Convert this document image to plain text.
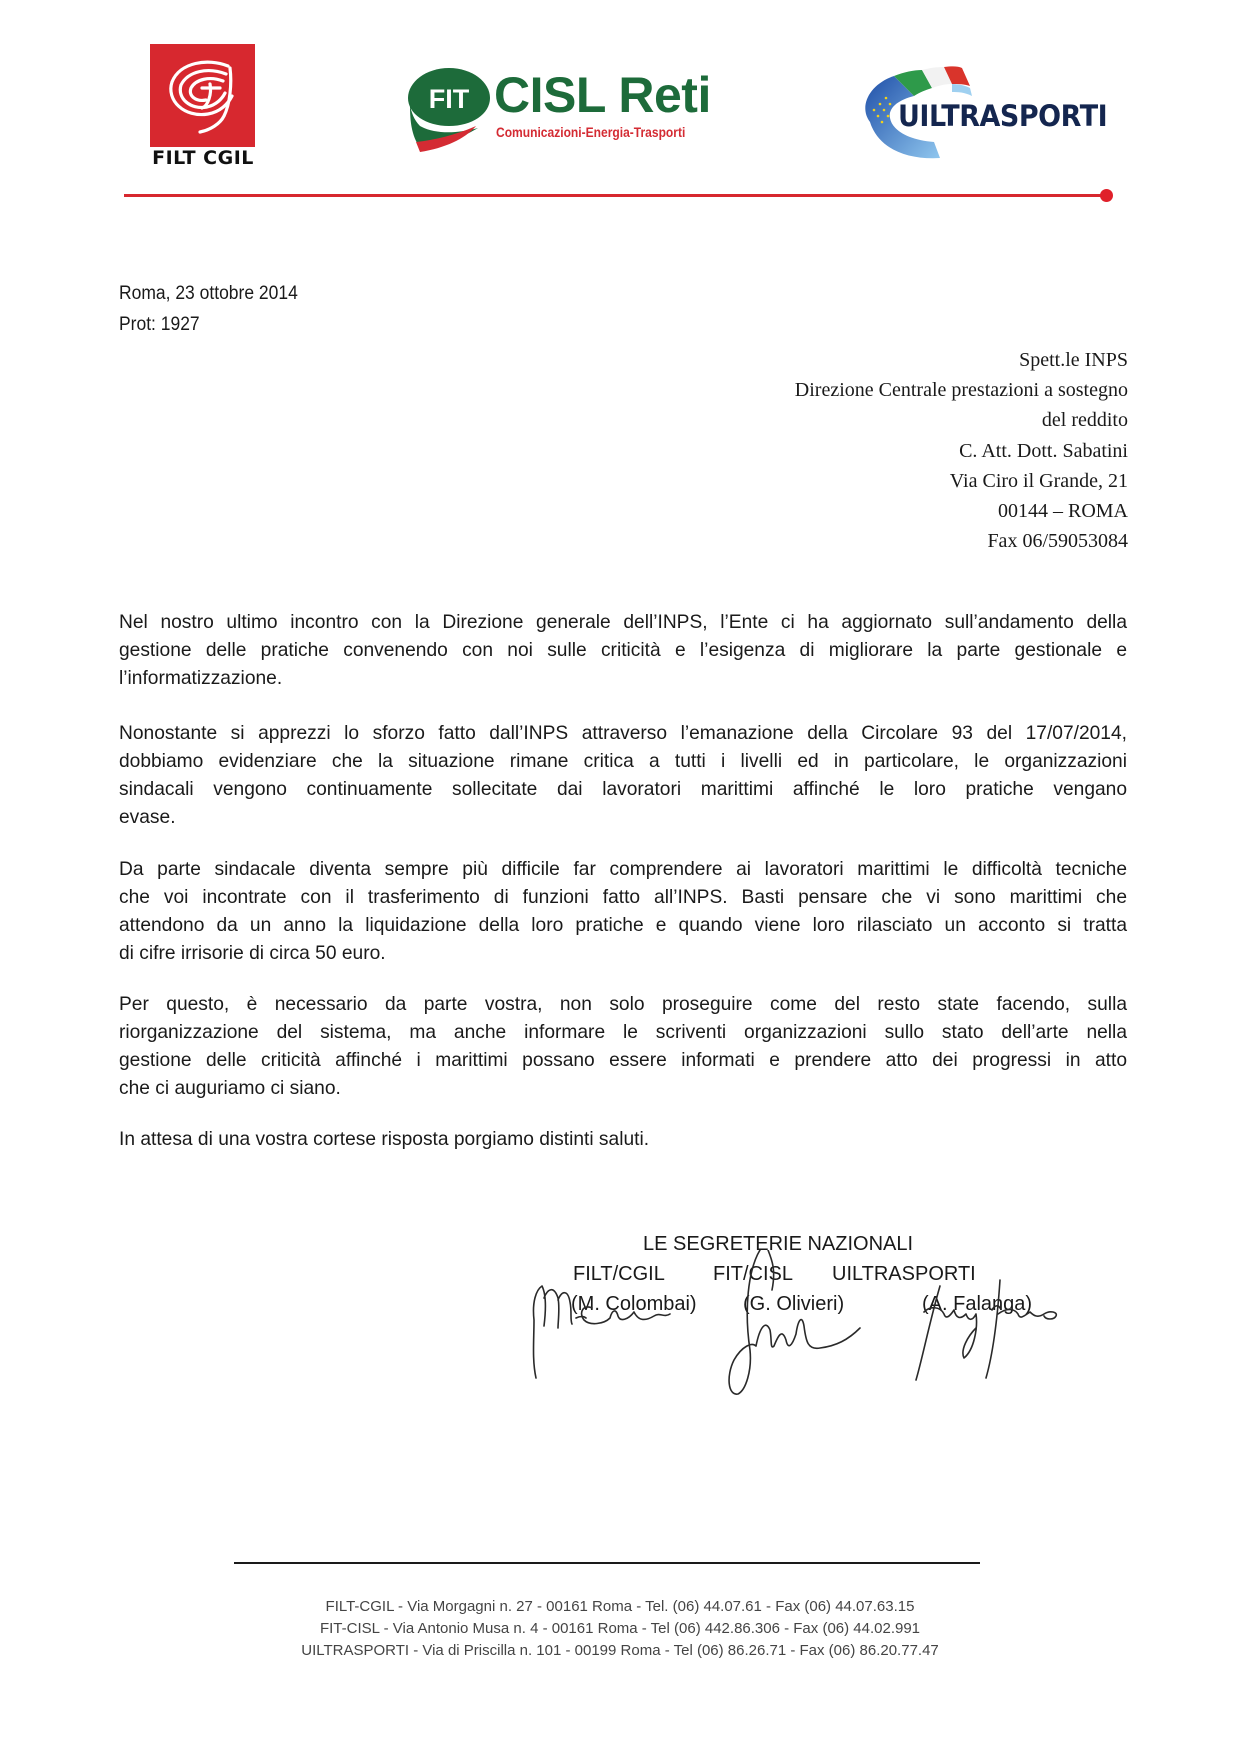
FILT CGIL
FIT CISL Reti
Comunicazioni-Energia-Trasporti	UILTRASPORTI
Roma, 23 ottobre 2014
Prot: 1927
Spett.le INPS
Direzione Centrale prestazioni a sostegno
del reddito
C. Att. Dott. Sabatini
Via Ciro il Grande, 21
00144 – ROMA
Fax 06/59053084
Nel nostro ultimo incontro con la Direzione generale dell’INPS, l’Ente ci ha aggiornato sull’andamento della
gestione delle pratiche convenendo con noi sulle criticità e l’esigenza di migliorare la parte gestionale e
l’informatizzazione.
Nonostante si apprezzi lo sforzo fatto dall’INPS attraverso l’emanazione della Circolare 93 del 17/07/2014,
dobbiamo evidenziare che la situazione rimane critica a tutti i livelli ed in particolare, le organizzazioni
sindacali vengono continuamente sollecitate dai lavoratori marittimi affinché le loro pratiche vengano
evase.
Da parte sindacale diventa sempre più difficile far comprendere ai lavoratori marittimi le difficoltà tecniche
che voi incontrate con il trasferimento di funzioni fatto all’INPS. Basti pensare che vi sono marittimi che
attendono da un anno la liquidazione della loro pratiche e quando viene loro rilasciato un acconto si tratta
di cifre irrisorie di circa 50 euro.
Per questo, è necessario da parte vostra, non solo proseguire come del resto state facendo, sulla
riorganizzazione del sistema, ma anche informare le scriventi organizzazioni sullo stato dell’arte nella
gestione delle criticità affinché i marittimi possano essere informati e prendere atto dei progressi in atto
che ci auguriamo ci siano.
In attesa di una vostra cortese risposta porgiamo distinti saluti.
LE SEGRETERIE NAZIONALI
FILT/CGIL FIT/CISL UILTRASPORTI
(M. Colombai) (G. Olivieri)	(A. Falanga)
FILT-CGIL - Via Morgagni n. 27 - 00161 Roma - Tel. (06) 44.07.61 - Fax (06) 44.07.63.15
FIT-CISL - Via Antonio Musa n. 4 - 00161 Roma - Tel (06) 442.86.306 - Fax (06) 44.02.991
UILTRASPORTI - Via di Priscilla n. 101 - 00199 Roma - Tel (06) 86.26.71 - Fax (06) 86.20.77.47
